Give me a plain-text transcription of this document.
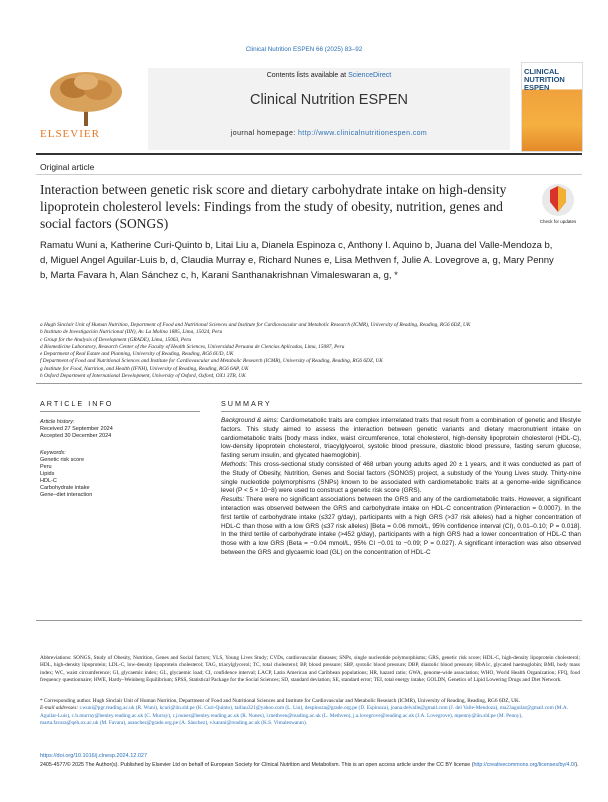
Clinical Nutrition ESPEN 66 (2025) 83–92
ELSEVIER
Contents lists available at ScienceDirect
Clinical Nutrition ESPEN
journal homepage: http://www.clinicalnutritionespen.com
CLINICAL NUTRITION ESPEN
Original article
Interaction between genetic risk score and dietary carbohydrate intake on high-density lipoprotein cholesterol levels: Findings from the study of obesity, nutrition, genes and social factors (SONGS)	Check for updates
Ramatu Wuni a, Katherine Curi-Quinto b, Litai Liu a, Dianela Espinoza c, Anthony I. Aquino b, Juana del Valle-Mendoza b, d, Miguel Angel Aguilar-Luis b, d, Claudia Murray e, Richard Nunes e, Lisa Methven f, Julie A. Lovegrove a, g, Mary Penny b, Marta Favara h, Alan Sánchez c, h, Karani Santhanakrishnan Vimaleswaran a, g, *
a Hugh Sinclair Unit of Human Nutrition, Department of Food and Nutritional Sciences and Institute for Cardiovascular and Metabolic Research (ICMR), University of Reading, Reading, RG6 6DZ, UK
b Instituto de Investigación Nutricional (IIN), Av. La Molina 1885, Lima, 15024, Peru
c Group for the Analysis of Development (GRADE), Lima, 15063, Peru
d Biomedicine Laboratory, Research Center of the Faculty of Health Sciences, Universidad Peruana de Ciencias Aplicadas, Lima, 15087, Peru
e Department of Real Estate and Planning, University of Reading, Reading, RG6 6UD, UK
f Department of Food and Nutritional Sciences and Institute for Cardiovascular and Metabolic Research (ICMR), University of Reading, Reading, RG6 6DZ, UK
g Institute for Food, Nutrition, and Health (IFNH), University of Reading, Reading, RG6 6AP, UK
h Oxford Department of International Development, University of Oxford, Oxford, OX1 3TB, UK
ARTICLE INFO	SUMMARY
Article history:
Received 27 September 2024
Accepted 30 December 2024
Keywords:
Genetic risk score
Peru
Lipids
HDL-C
Carbohydrate intake
Gene–diet interaction

Background & aims: Cardiometabolic traits are complex interrelated traits that result from a combination of genetic and lifestyle factors. This study aimed to assess the interaction between genetic variants and dietary macronutrient intake on cardiometabolic traits [body mass index, waist circumference, total cholesterol, high-density lipoprotein cholesterol (HDL-C), low-density lipoprotein cholesterol, triacylglycerol, systolic blood pressure, diastolic blood pressure, fasting serum glucose, fasting serum insulin, and glycated haemoglobin].

Methods: This cross-sectional study consisted of 468 urban young adults aged 20 ± 1 years, and it was conducted as part of the Study of Obesity, Nutrition, Genes and Social factors (SONGS) project, a substudy of the Young Lives study. Thirty-nine single nucleotide polymorphisms (SNPs) known to be associated with cardiometabolic traits at a genome-wide significance level (P < 5 × 10−8) were used to construct a genetic risk score (GRS).

Results: There were no significant associations between the GRS and any of the cardiometabolic traits. However, a significant interaction was observed between the GRS and carbohydrate intake on HDL-C concentration (Pinteraction = 0.0007). In the first tertile of carbohydrate intake (≤327 g/day), participants with a high GRS (>37 risk alleles) had a higher concentration of HDL-C than those with a low GRS (≤37 risk alleles) [Beta = 0.06 mmol/L, 95% confidence interval (CI), 0.01–0.10; P = 0.018]. In the third tertile of carbohydrate intake (>452 g/day), participants with a high GRS had a lower concentration of HDL-C than those with a low GRS (Beta = −0.04 mmol/L, 95% CI −0.01 to −0.09; P = 0.027). A significant interaction was also observed between the GRS and glycaemic load (GL) on the concentration of HDL-C

Abbreviations: SONGS, Study of Obesity, Nutrition, Genes and Social factors; YLS, Young Lives Study; CVDs, cardiovascular diseases; SNPs, single nucleotide polymorphisms; GRS, genetic risk score; HDL-C, high-density lipoprotein cholesterol; HDL, high-density lipoprotein; LDL-C, low-density lipoprotein cholesterol; TAG, triacylglycerol; TC, total cholesterol; BP, blood pressure; SBP, systolic blood pressure; DBP, diastolic blood pressure; HbA1c, glycated haemoglobin; BMI, body mass index; WC, waist circumference; GI, glycaemic index; GL, glycaemic load; CI, confidence interval; LACP, Latin American and Caribbean populations; HR, hazard ratio; GWA, genome-wide association; WHO, World Health Organization; FFQ, food frequency questionnaire; HWE, Hardy–Weinberg Equilibrium; SPSS, Statistical Package for the Social Sciences; SD, standard deviation; SE, standard error; TEI, total energy intake; GOLDN, Genetics of Lipid Lowering Drugs and Diet Network.
* Corresponding author. Hugh Sinclair Unit of Human Nutrition, Department of Food and Nutritional Sciences and Institute for Cardiovascular and Metabolic Research (ICMR), University of Reading, Reading, RG6 6DZ, UK.
E-mail addresses: r.wuni@pgr.reading.ac.uk (R. Wuni), kcuri@iin.sld.pe (K. Curi-Quinto), tailiau321@yahoo.com (L. Liu), despinoza@grade.org.pe (D. Espinoza), joana.delvalle@gmail.com (J. del Valle-Mendoza), ma23aguilar@gmail.com (M.A. Aguilar-Luis), c.b.murray@henley.reading.ac.uk (C. Murray), r.j.nunes@henley.reading.ac.uk (R. Nunes), l.methven@reading.ac.uk (L. Methven), j.a.lovegrove@reading.ac.uk (J.A. Lovegrove), mpenny@iin.sld.pe (M. Penny), marta.favara@qeh.ox.ac.uk (M. Favara), asanchez@grade.org.pe (A. Sánchez), v.karani@reading.ac.uk (K.S. Vimaleswaran).
https://doi.org/10.1016/j.clnesp.2024.12.027
2405-4577/© 2025 The Author(s). Published by Elsevier Ltd on behalf of European Society for Clinical Nutrition and Metabolism. This is an open access article under the CC BY license (http://creativecommons.org/licenses/by/4.0/).
